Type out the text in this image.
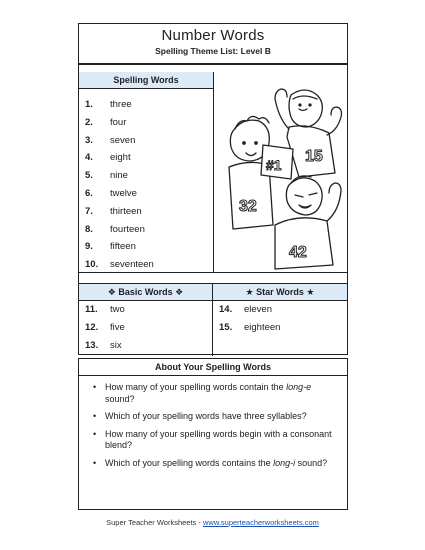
Number Words
Spelling Theme List: Level B
Spelling Words
1. three
2. four
3. seven
4. eight
5. nine
6. twelve
7. thirteen
8. fourteen
9. fifteen
10. seventeen
15
#1
32
42
❖ Basic Words ❖
11. two
12. five
13. six
★ Star Words ★
14. eleven
15. eighteen
About Your Spelling Words
• How many of your spelling words contain the long-e sound?
• Which of your spelling words have three syllables?
• How many of your spelling words begin with a consonant blend?
• Which of your spelling words contains the long-i sound?
Super Teacher Worksheets - www.superteacherworksheets.com
